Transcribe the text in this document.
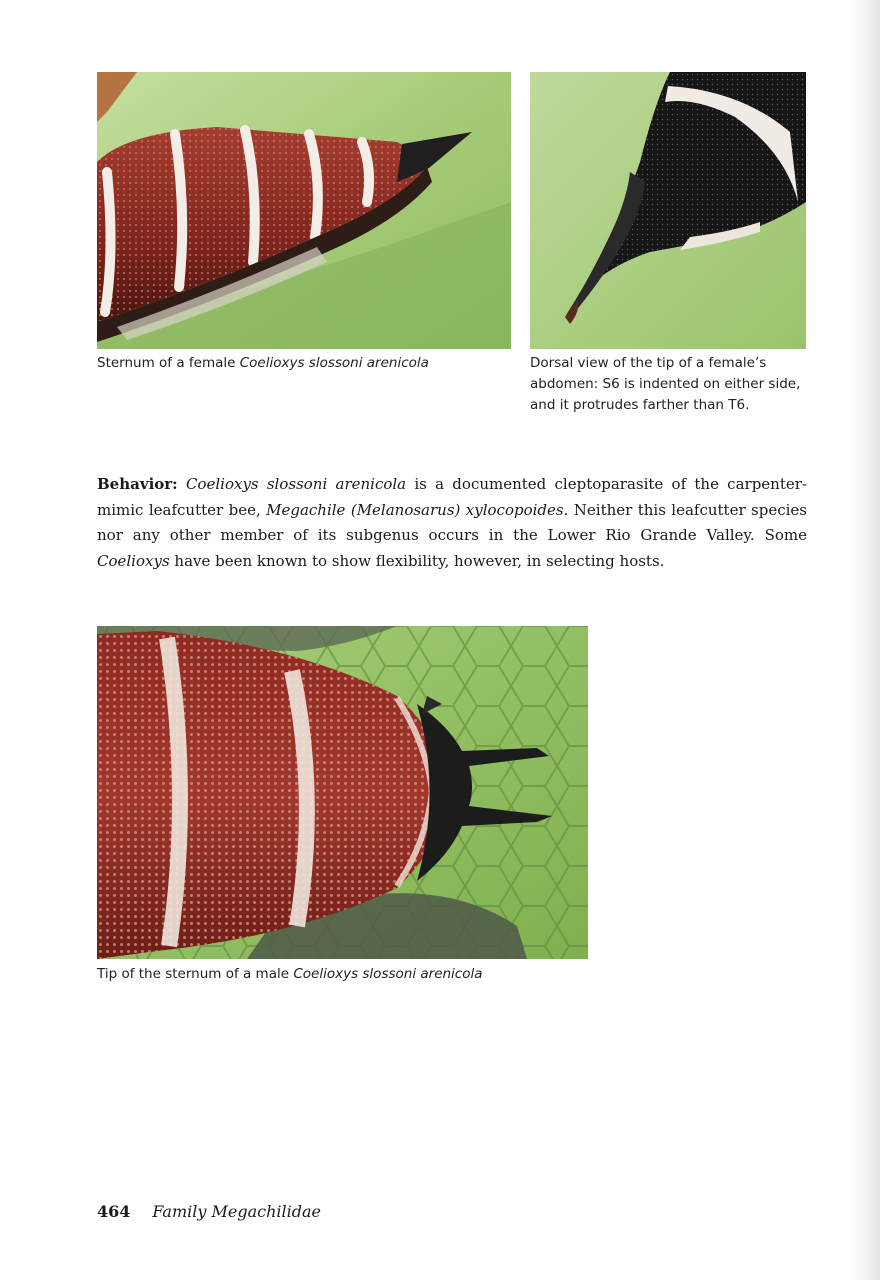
Sternum of a female Coelioxys slossoni arenicola	Dorsal view of the tip of a female’s abdomen: S6 is indented on either side, and it protrudes farther than T6.

Behavior: Coelioxys slossoni arenicola is a documented cleptoparasite of the carpenter-mimic leafcutter bee, Megachile (Melanosarus) xylocopoides. Neither this leafcutter species nor any other member of its subgenus occurs in the Lower Rio Grande Valley. Some Coelioxys have been known to show flexibility, however, in selecting hosts.

Tip of the sternum of a male Coelioxys slossoni arenicola

464 Family Megachilidae
